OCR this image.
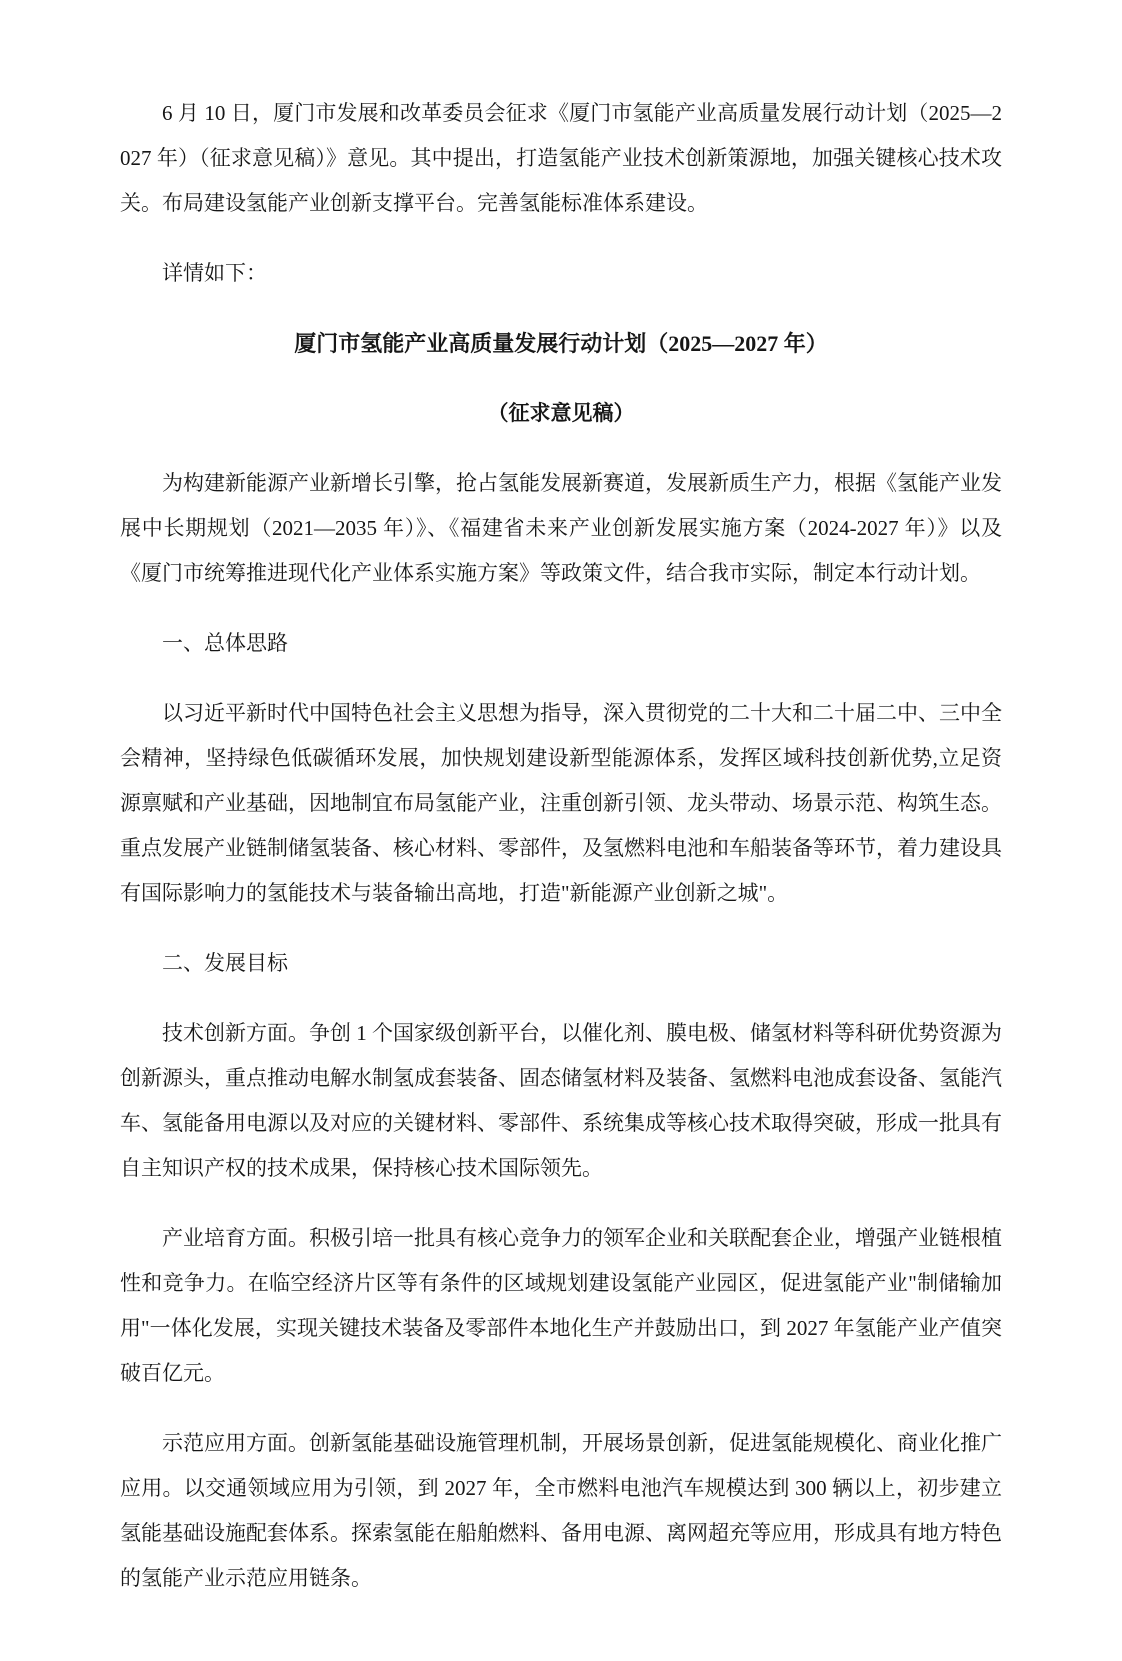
6 月 10 日，厦门市发展和改革委员会征求《厦门市氢能产业高质量发展行动计划（2025—2027 年）（征求意见稿）》意见。其中提出，打造氢能产业技术创新策源地，加强关键核心技术攻关。布局建设氢能产业创新支撑平台。完善氢能标准体系建设。

详情如下：

厦门市氢能产业高质量发展行动计划（2025—2027 年）
（征求意见稿）

为构建新能源产业新增长引擎，抢占氢能发展新赛道，发展新质生产力，根据《氢能产业发展中长期规划（2021—2035 年）》、《福建省未来产业创新发展实施方案（2024-2027 年）》以及《厦门市统筹推进现代化产业体系实施方案》等政策文件，结合我市实际，制定本行动计划。

一、总体思路

以习近平新时代中国特色社会主义思想为指导，深入贯彻党的二十大和二十届二中、三中全会精神，坚持绿色低碳循环发展，加快规划建设新型能源体系，发挥区域科技创新优势,立足资源禀赋和产业基础，因地制宜布局氢能产业，注重创新引领、龙头带动、场景示范、构筑生态。重点发展产业链制储氢装备、核心材料、零部件，及氢燃料电池和车船装备等环节，着力建设具有国际影响力的氢能技术与装备输出高地，打造"新能源产业创新之城"。

二、发展目标

技术创新方面。争创 1 个国家级创新平台，以催化剂、膜电极、储氢材料等科研优势资源为创新源头，重点推动电解水制氢成套装备、固态储氢材料及装备、氢燃料电池成套设备、氢能汽车、氢能备用电源以及对应的关键材料、零部件、系统集成等核心技术取得突破，形成一批具有自主知识产权的技术成果，保持核心技术国际领先。

产业培育方面。积极引培一批具有核心竞争力的领军企业和关联配套企业，增强产业链根植性和竞争力。在临空经济片区等有条件的区域规划建设氢能产业园区，促进氢能产业"制储输加用"一体化发展，实现关键技术装备及零部件本地化生产并鼓励出口，到 2027 年氢能产业产值突破百亿元。

示范应用方面。创新氢能基础设施管理机制，开展场景创新，促进氢能规模化、商业化推广应用。以交通领域应用为引领，到 2027 年，全市燃料电池汽车规模达到 300 辆以上，初步建立氢能基础设施配套体系。探索氢能在船舶燃料、备用电源、离网超充等应用，形成具有地方特色的氢能产业示范应用链条。
